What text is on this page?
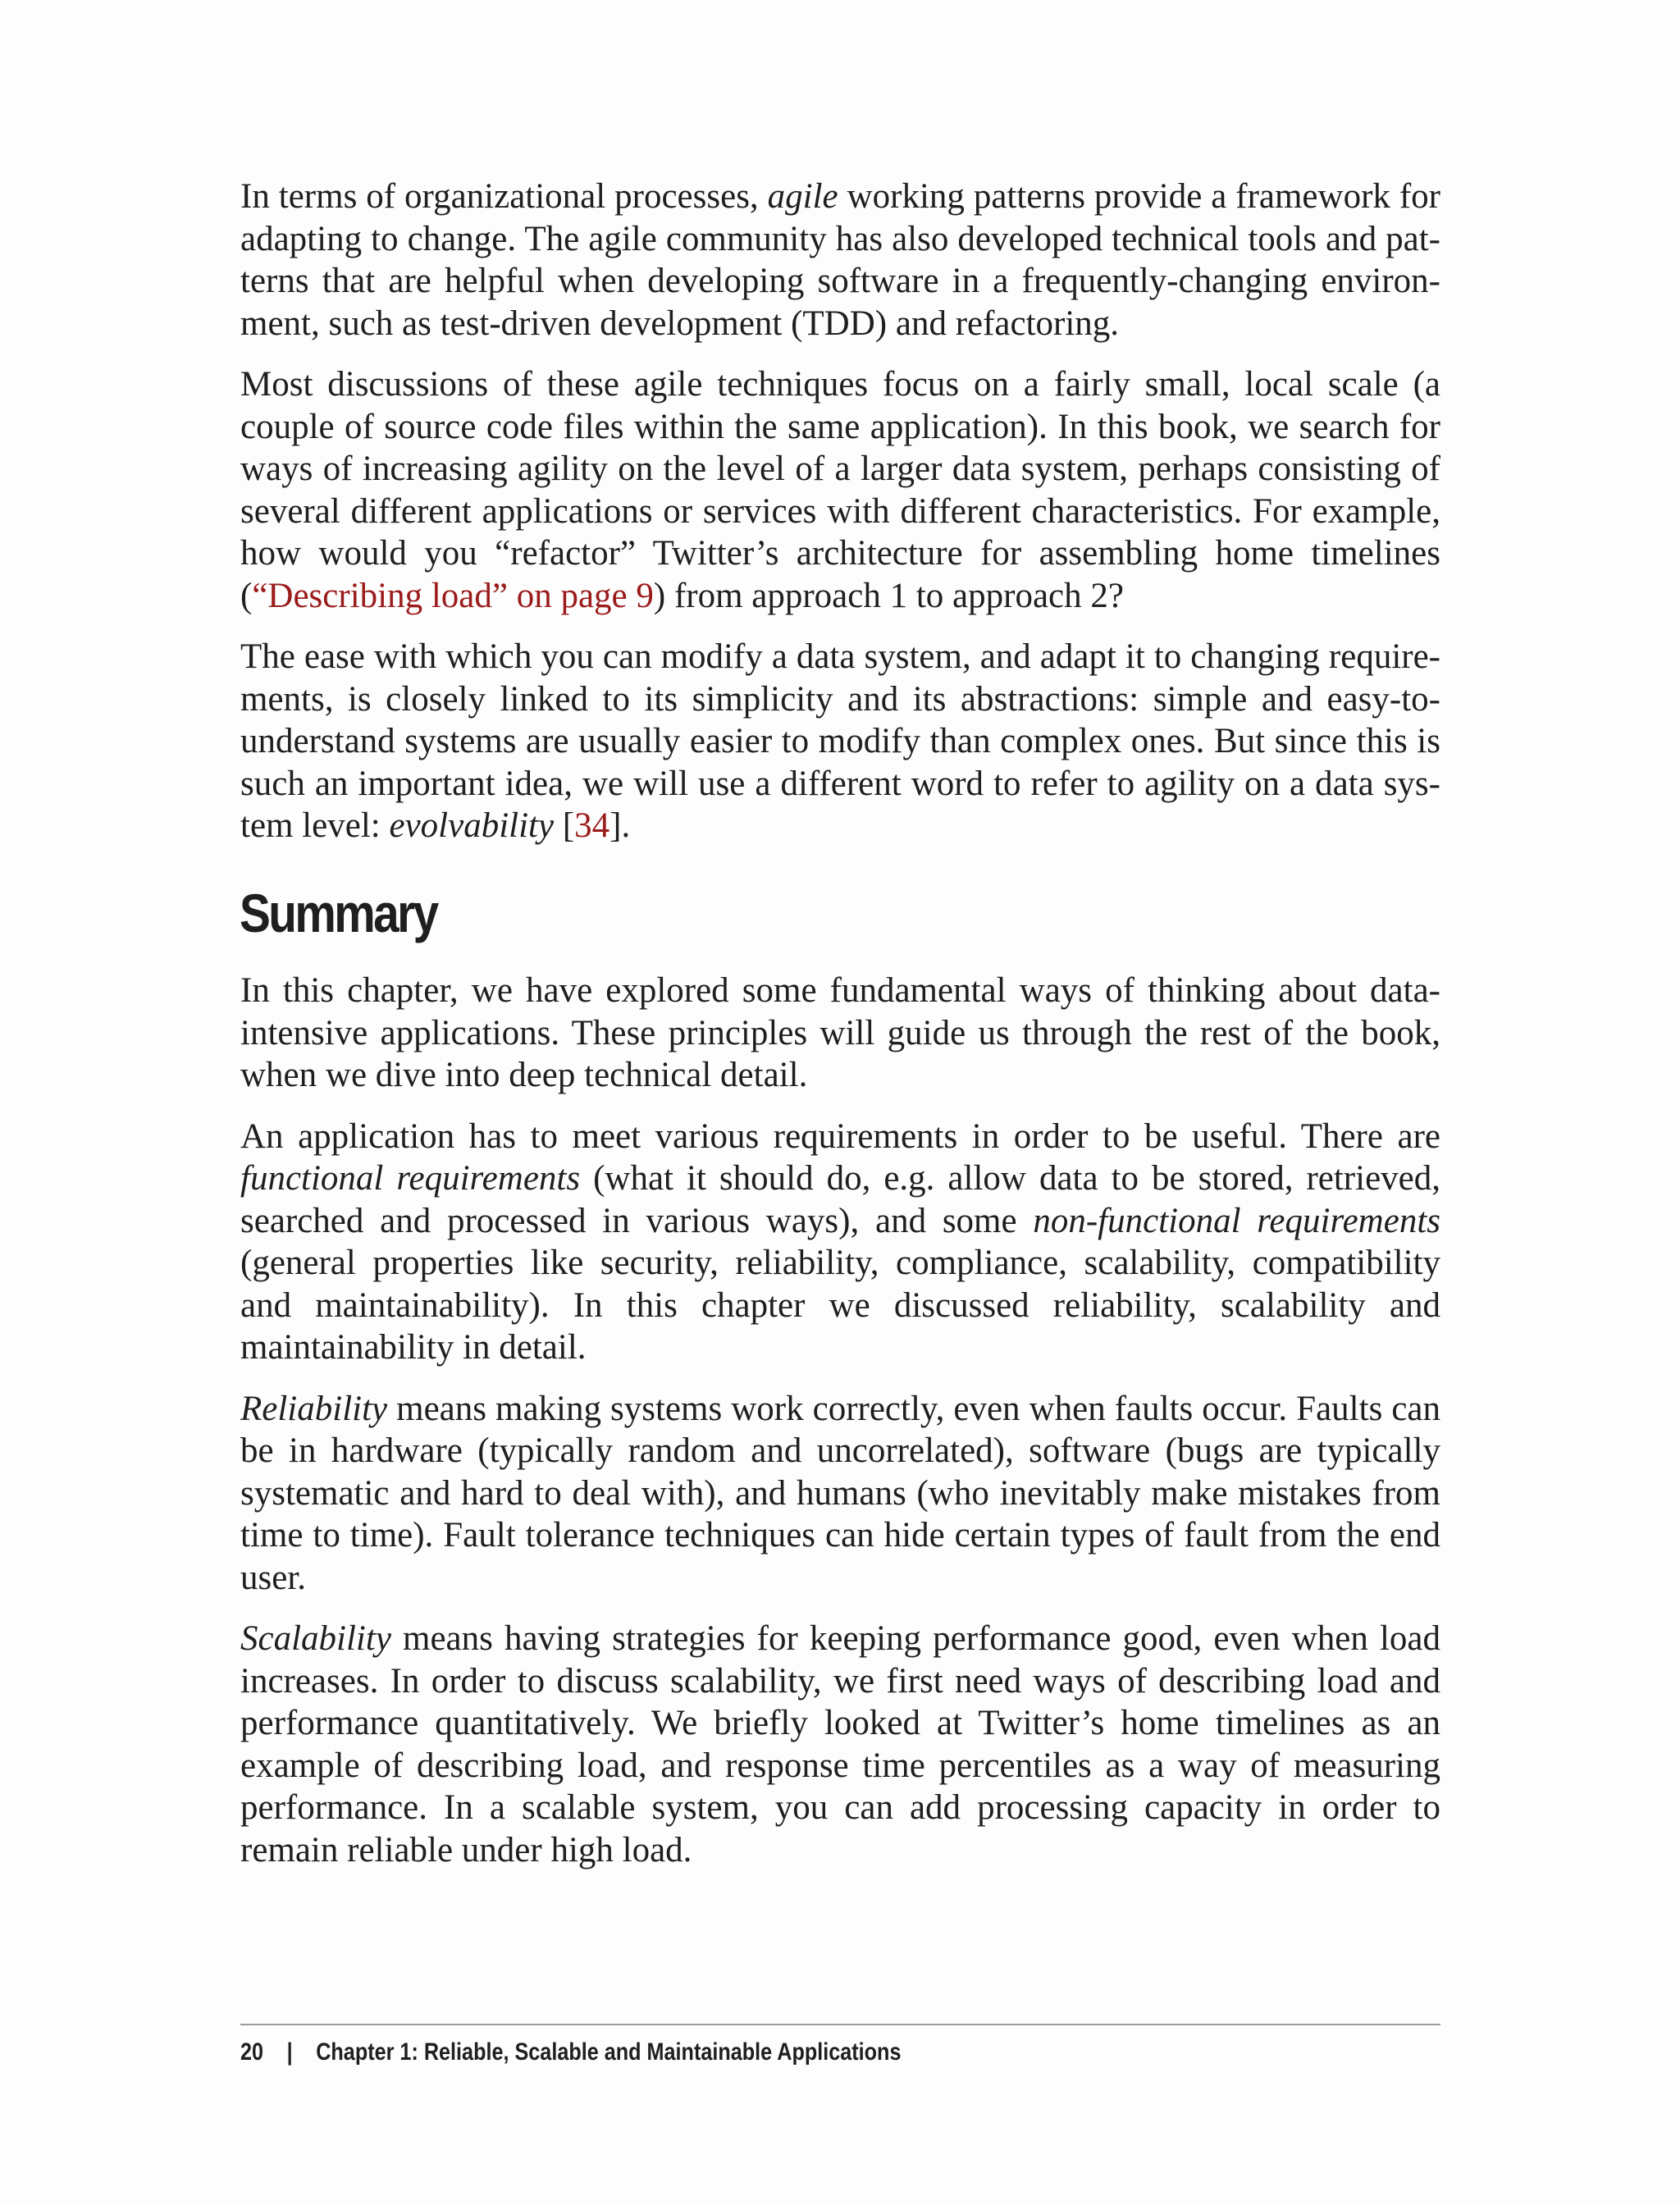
In terms of organizational processes, agile working patterns provide a framework for adapting to change. The agile community has also developed technical tools and patterns that are helpful when developing software in a frequently-changing environment, such as test-driven development (TDD) and refactoring.

Most discussions of these agile techniques focus on a fairly small, local scale (a couple of source code files within the same application). In this book, we search for ways of increasing agility on the level of a larger data system, perhaps consisting of several different applications or services with different characteristics. For example, how would you “refactor” Twitter’s architecture for assembling home timelines (“Describing load” on page 9) from approach 1 to approach 2?

The ease with which you can modify a data system, and adapt it to changing requirements, is closely linked to its simplicity and its abstractions: simple and easy-to-understand systems are usually easier to modify than complex ones. But since this is such an important idea, we will use a different word to refer to agility on a data system level: evolvability [34].

Summary

In this chapter, we have explored some fundamental ways of thinking about data-intensive applications. These principles will guide us through the rest of the book, when we dive into deep technical detail.

An application has to meet various requirements in order to be useful. There are functional requirements (what it should do, e.g. allow data to be stored, retrieved, searched and processed in various ways), and some non-functional requirements (general properties like security, reliability, compliance, scalability, compatibility and maintainability). In this chapter we discussed reliability, scalability and maintainability in detail.

Reliability means making systems work correctly, even when faults occur. Faults can be in hardware (typically random and uncorrelated), software (bugs are typically systematic and hard to deal with), and humans (who inevitably make mistakes from time to time). Fault tolerance techniques can hide certain types of fault from the end user.

Scalability means having strategies for keeping performance good, even when load increases. In order to discuss scalability, we first need ways of describing load and performance quantitatively. We briefly looked at Twitter’s home timelines as an example of describing load, and response time percentiles as a way of measuring performance. In a scalable system, you can add processing capacity in order to remain reliable under high load.

20 | Chapter 1: Reliable, Scalable and Maintainable Applications
